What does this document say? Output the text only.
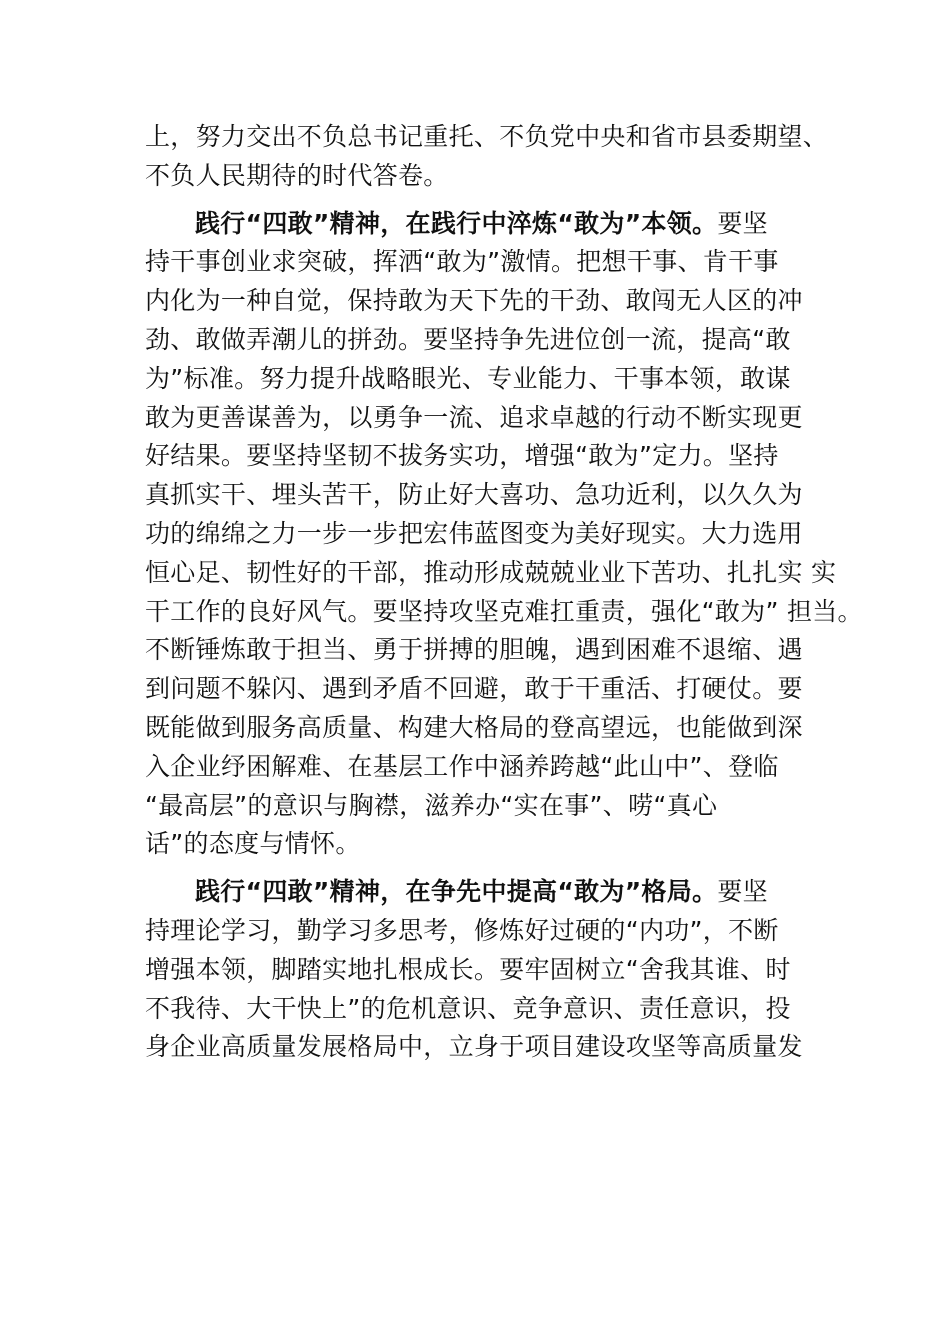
上，努力交出不负总书记重托、不负党中央和省市县委期望、
不负人民期待的时代答卷。
践行“四敢”精神，在践行中淬炼“敢为”本领。要坚
持干事创业求突破，挥洒“敢为”激情。把想干事、肯干事
内化为一种自觉，保持敢为天下先的干劲、敢闯无人区的冲
劲、敢做弄潮儿的拼劲。要坚持争先进位创一流，提高“敢
为”标准。努力提升战略眼光、专业能力、干事本领，敢谋
敢为更善谋善为，以勇争一流、追求卓越的行动不断实现更
好结果。要坚持坚韧不拔务实功，增强“敢为”定力。坚持
真抓实干、埋头苦干，防止好大喜功、急功近利，以久久为
功的绵绵之力一步一步把宏伟蓝图变为美好现实。大力选用
恒心足、韧性好的干部，推动形成兢兢业业下苦功、扎扎实 实
干工作的良好风气。要坚持攻坚克难扛重责，强化“敢为” 担当。
不断锤炼敢于担当、勇于拼搏的胆魄，遇到困难不退缩、遇
到问题不躲闪、遇到矛盾不回避，敢于干重活、打硬仗。要
既能做到服务高质量、构建大格局的登高望远，也能做到深
入企业纾困解难、在基层工作中涵养跨越“此山中”、登临
“最高层”的意识与胸襟，滋养办“实在事”、唠“真心
话”的态度与情怀。
践行“四敢”精神，在争先中提高“敢为”格局。要坚
持理论学习，勤学习多思考，修炼好过硬的“内功”，不断
增强本领，脚踏实地扎根成长。要牢固树立“舍我其谁、时
不我待、大干快上”的危机意识、竞争意识、责任意识，投
身企业高质量发展格局中，立身于项目建设攻坚等高质量发
